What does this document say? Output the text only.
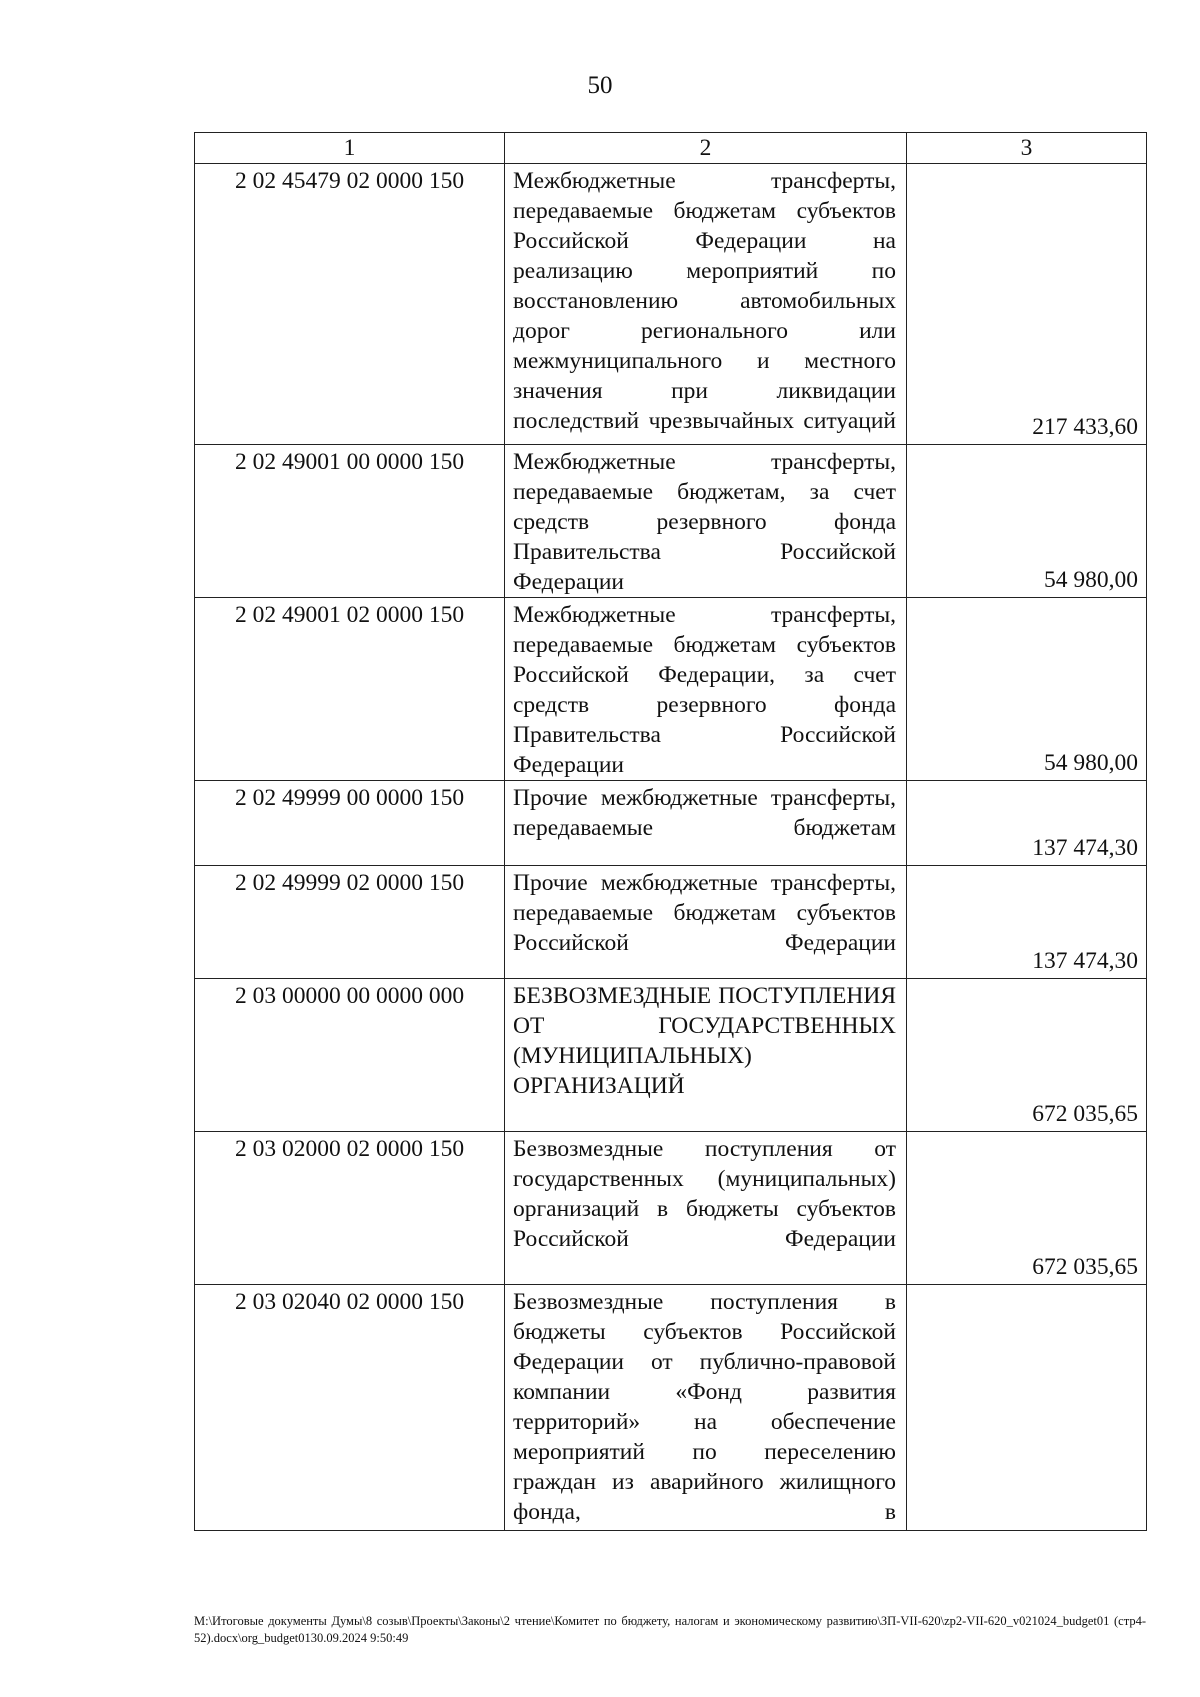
50
1	2	3
2 02 45479 02 0000 150	Межбюджетные трансферты, передаваемые бюджетам субъектов Российской Федерации на реализацию мероприятий по восстановлению автомобильных дорог регионального или межмуниципального и местного значения при ликвидации последствий чрезвычайных ситуаций	217 433,60
2 02 49001 00 0000 150	Межбюджетные трансферты, передаваемые бюджетам, за счет средств резервного фонда Правительства Российской Федерации	54 980,00
2 02 49001 02 0000 150	Межбюджетные трансферты, передаваемые бюджетам субъектов Российской Федерации, за счет средств резервного фонда Правительства Российской Федерации	54 980,00
2 02 49999 00 0000 150	Прочие межбюджетные трансферты, передаваемые бюджетам	137 474,30
2 02 49999 02 0000 150	Прочие межбюджетные трансферты, передаваемые бюджетам субъектов Российской Федерации	137 474,30
2 03 00000 00 0000 000	БЕЗВОЗМЕЗДНЫЕ ПОСТУПЛЕНИЯ ОТ ГОСУДАРСТВЕННЫХ (МУНИЦИПАЛЬНЫХ) ОРГАНИЗАЦИЙ	672 035,65
2 03 02000 02 0000 150	Безвозмездные поступления от государственных (муниципальных) организаций в бюджеты субъектов Российской Федерации	672 035,65
2 03 02040 02 0000 150	Безвозмездные поступления в бюджеты субъектов Российской Федерации от публично-правовой компании «Фонд развития территорий» на обеспечение мероприятий по переселению граждан из аварийного жилищного фонда, в	
M:\Итоговые документы Думы\8 созыв\Проекты\Законы\2 чтение\Комитет по бюджету, налогам и экономическому развитию\ЗП-VII-620\zp2-VII-620_v021024_budget01 (стр4-52).docx\org_budget0130.09.2024 9:50:49
